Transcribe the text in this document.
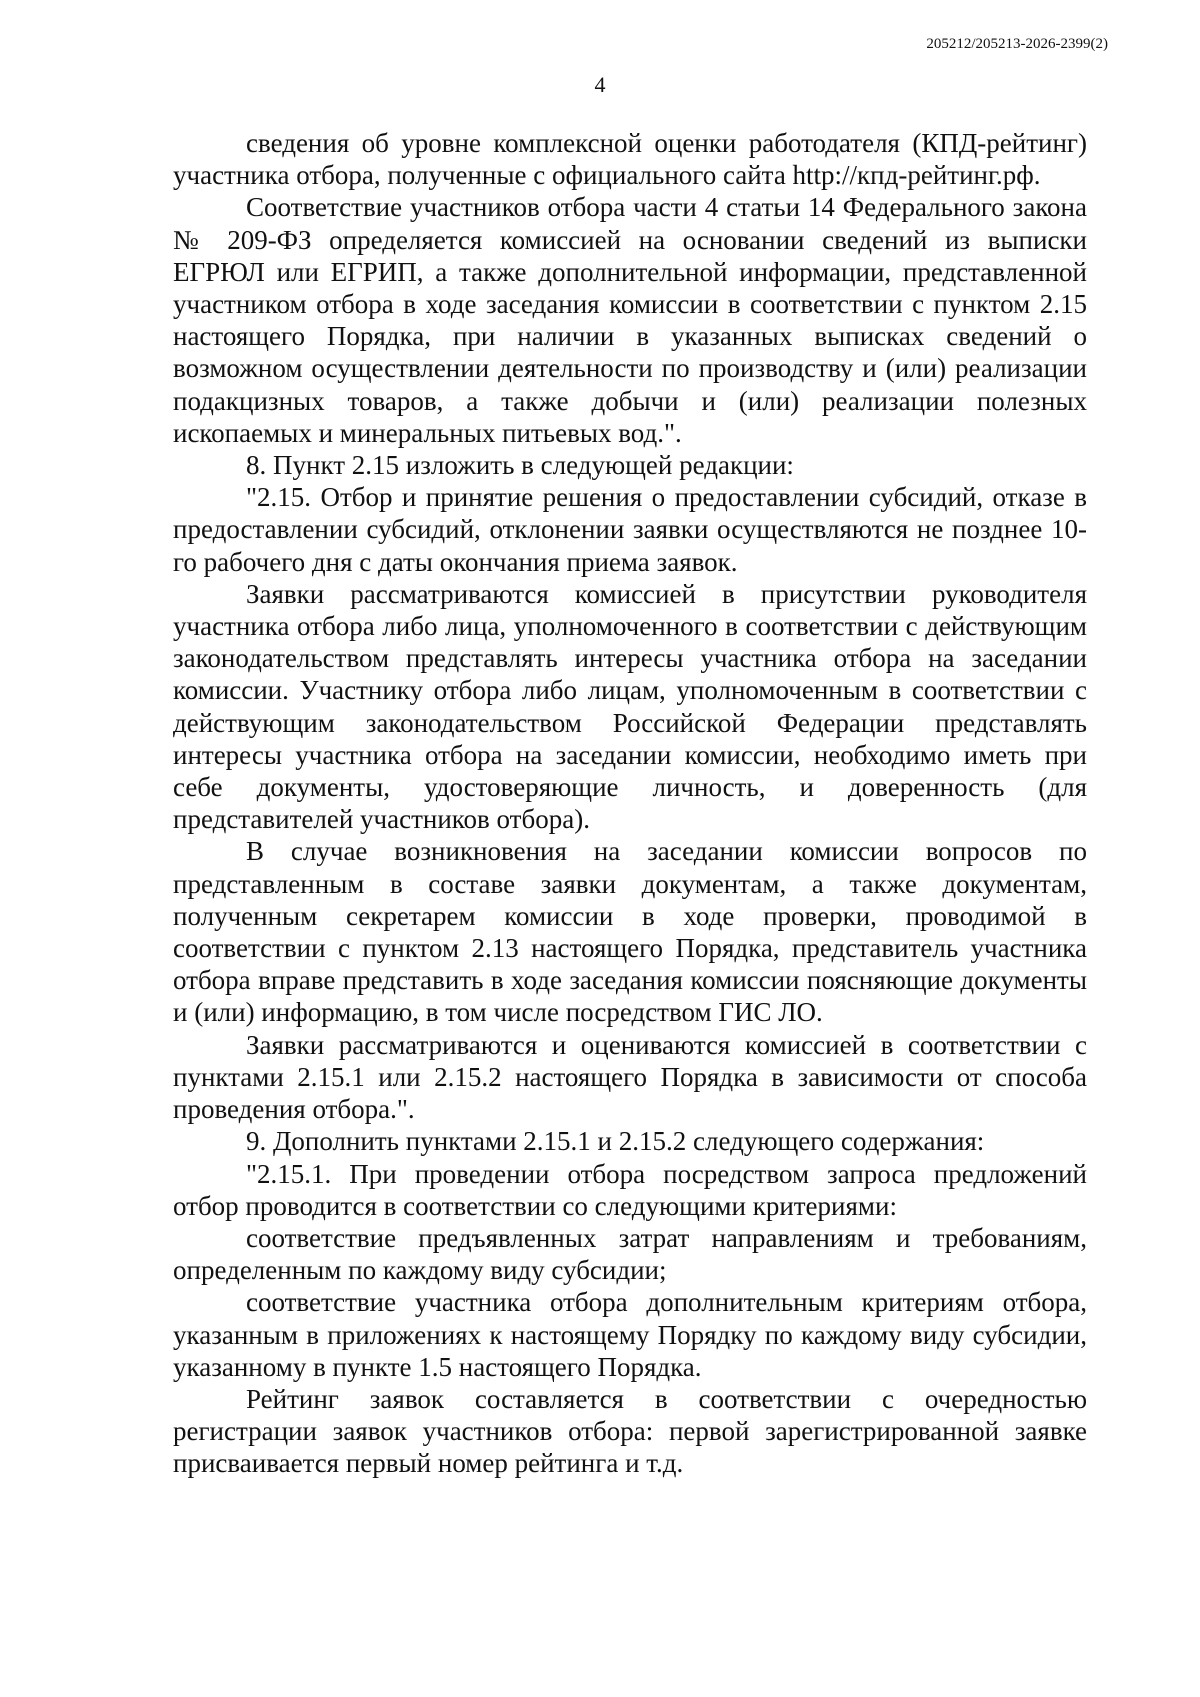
205212/205213-2026-2399(2)
4

сведения об уровне комплексной оценки работодателя (КПД-рейтинг) участника отбора, полученные с официального сайта http://кпд-рейтинг.рф.

Соответствие участников отбора части 4 статьи 14 Федерального закона № 209-ФЗ определяется комиссией на основании сведений из выписки ЕГРЮЛ или ЕГРИП, а также дополнительной информации, представленной участником отбора в ходе заседания комиссии в соответствии с пунктом 2.15 настоящего Порядка, при наличии в указанных выписках сведений о возможном осуществлении деятельности по производству и (или) реализации подакцизных товаров, а также добычи и (или) реализации полезных ископаемых и минеральных питьевых вод.".

8. Пункт 2.15 изложить в следующей редакции:

"2.15. Отбор и принятие решения о предоставлении субсидий, отказе в предоставлении субсидий, отклонении заявки осуществляются не позднее 10-го рабочего дня с даты окончания приема заявок.

Заявки рассматриваются комиссией в присутствии руководителя участника отбора либо лица, уполномоченного в соответствии с действующим законодательством представлять интересы участника отбора на заседании комиссии. Участнику отбора либо лицам, уполномоченным в соответствии с действующим законодательством Российской Федерации представлять интересы участника отбора на заседании комиссии, необходимо иметь при себе документы, удостоверяющие личность, и доверенность (для представителей участников отбора).

В случае возникновения на заседании комиссии вопросов по представленным в составе заявки документам, а также документам, полученным секретарем комиссии в ходе проверки, проводимой в соответствии с пунктом 2.13 настоящего Порядка, представитель участника отбора вправе представить в ходе заседания комиссии поясняющие документы и (или) информацию, в том числе посредством ГИС ЛО.

Заявки рассматриваются и оцениваются комиссией в соответствии с пунктами 2.15.1 или 2.15.2 настоящего Порядка в зависимости от способа проведения отбора.".

9. Дополнить пунктами 2.15.1 и 2.15.2 следующего содержания:

"2.15.1. При проведении отбора посредством запроса предложений отбор проводится в соответствии со следующими критериями:

соответствие предъявленных затрат направлениям и требованиям, определенным по каждому виду субсидии;

соответствие участника отбора дополнительным критериям отбора, указанным в приложениях к настоящему Порядку по каждому виду субсидии, указанному в пункте 1.5 настоящего Порядка.

Рейтинг заявок составляется в соответствии с очередностью регистрации заявок участников отбора: первой зарегистрированной заявке присваивается первый номер рейтинга и т.д.
